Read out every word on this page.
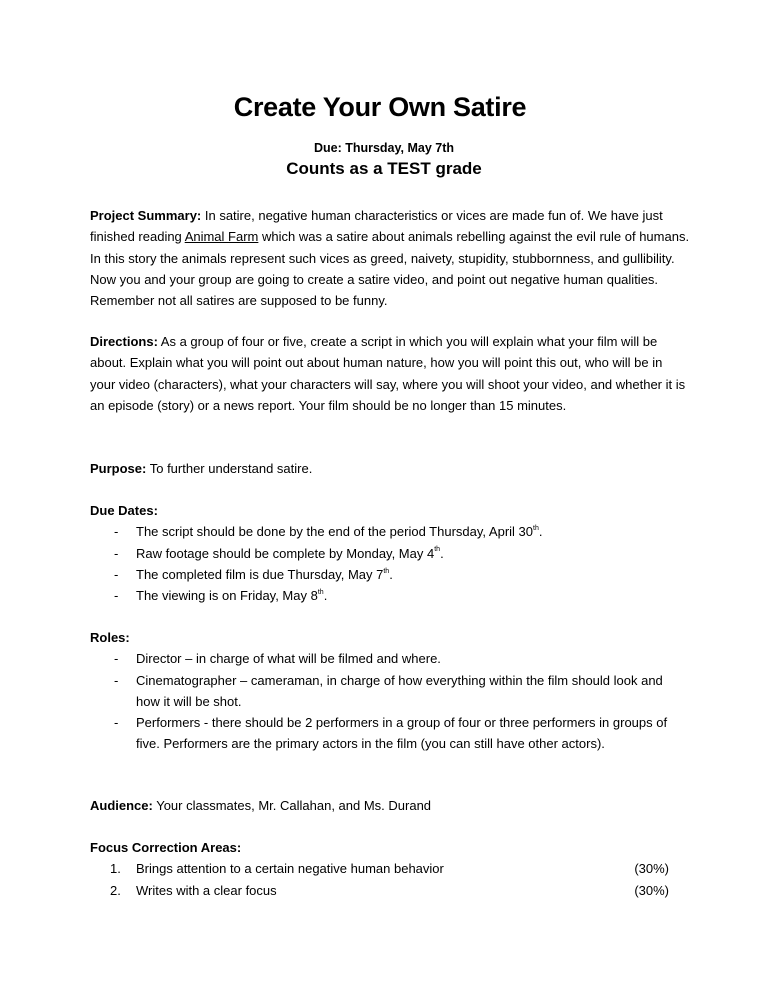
Create Your Own Satire
Due: Thursday, May 7th
Counts as a TEST grade
Project Summary: In satire, negative human characteristics or vices are made fun of. We have just finished reading Animal Farm which was a satire about animals rebelling against the evil rule of humans. In this story the animals represent such vices as greed, naivety, stupidity, stubbornness, and gullibility. Now you and your group are going to create a satire video, and point out negative human qualities. Remember not all satires are supposed to be funny.
Directions: As a group of four or five, create a script in which you will explain what your film will be about. Explain what you will point out about human nature, how you will point this out, who will be in your video (characters), what your characters will say, where you will shoot your video, and whether it is an episode (story) or a news report. Your film should be no longer than 15 minutes.
Purpose: To further understand satire.
Due Dates:
- The script should be done by the end of the period Thursday, April 30th.
- Raw footage should be complete by Monday, May 4th.
- The completed film is due Thursday, May 7th.
- The viewing is on Friday, May 8th.
Roles:
- Director – in charge of what will be filmed and where.
- Cinematographer – cameraman, in charge of how everything within the film should look and how it will be shot.
- Performers - there should be 2 performers in a group of four or three performers in groups of five. Performers are the primary actors in the film (you can still have other actors).
Audience: Your classmates, Mr. Callahan, and Ms. Durand
Focus Correction Areas:
1. Brings attention to a certain negative human behavior	(30%)
2. Writes with a clear focus	(30%)
